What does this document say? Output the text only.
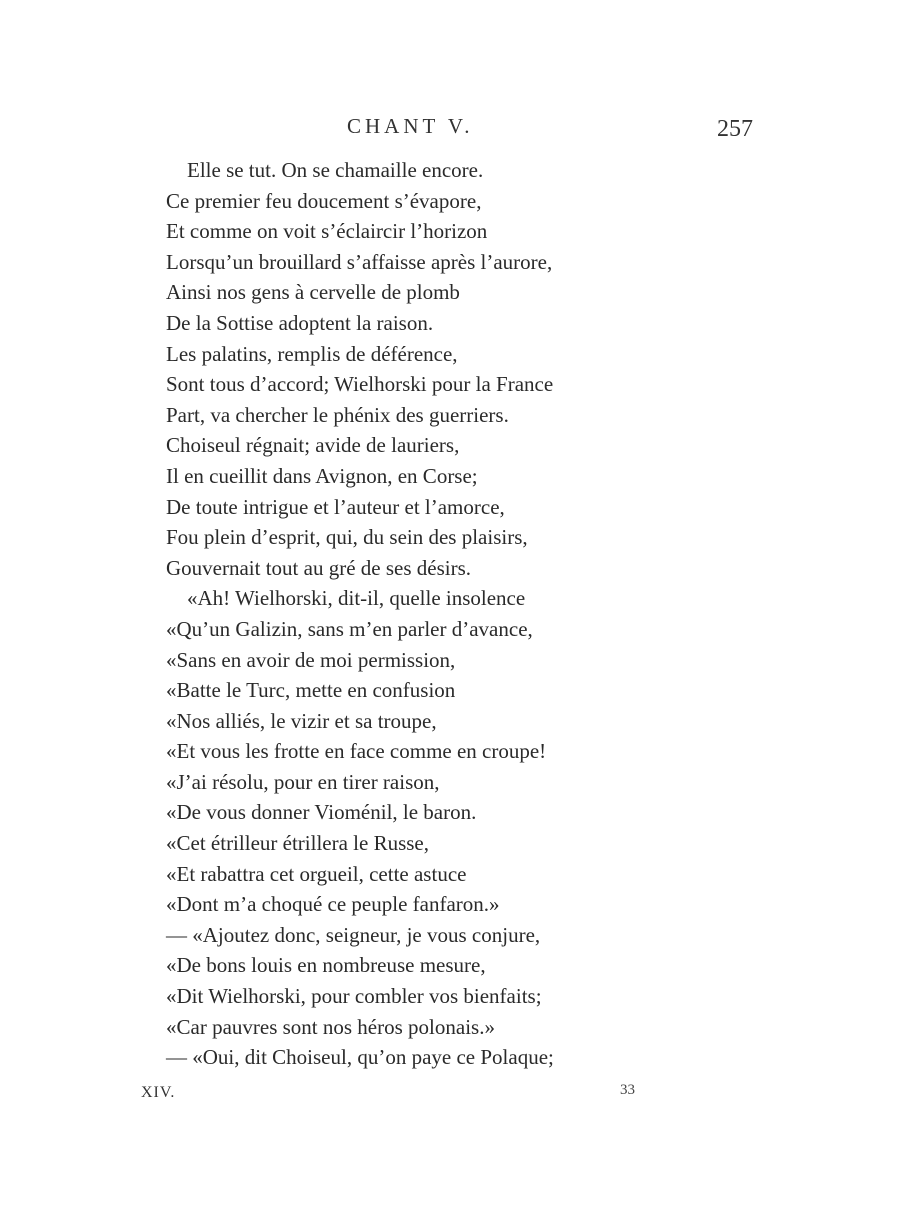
CHANT V.	257
Elle se tut. On se chamaille encore.
Ce premier feu doucement s’évapore,
Et comme on voit s’éclaircir l’horizon
Lorsqu’un brouillard s’affaisse après l’aurore,
Ainsi nos gens à cervelle de plomb
De la Sottise adoptent la raison.
Les palatins, remplis de déférence,
Sont tous d’accord; Wielhorski pour la France
Part, va chercher le phénix des guerriers.
Choiseul régnait; avide de lauriers,
Il en cueillit dans Avignon, en Corse;
De toute intrigue et l’auteur et l’amorce,
Fou plein d’esprit, qui, du sein des plaisirs,
Gouvernait tout au gré de ses désirs.
«Ah! Wielhorski, dit-il, quelle insolence
«Qu’un Galizin, sans m’en parler d’avance,
«Sans en avoir de moi permission,
«Batte le Turc, mette en confusion
«Nos alliés, le vizir et sa troupe,
«Et vous les frotte en face comme en croupe!
«J’ai résolu, pour en tirer raison,
«De vous donner Vioménil, le baron.
«Cet étrilleur étrillera le Russe,
«Et rabattra cet orgueil, cette astuce
«Dont m’a choqué ce peuple fanfaron.»
— «Ajoutez donc, seigneur, je vous conjure,
«De bons louis en nombreuse mesure,
«Dit Wielhorski, pour combler vos bienfaits;
«Car pauvres sont nos héros polonais.»
— «Oui, dit Choiseul, qu’on paye ce Polaque;
XIV.	33
